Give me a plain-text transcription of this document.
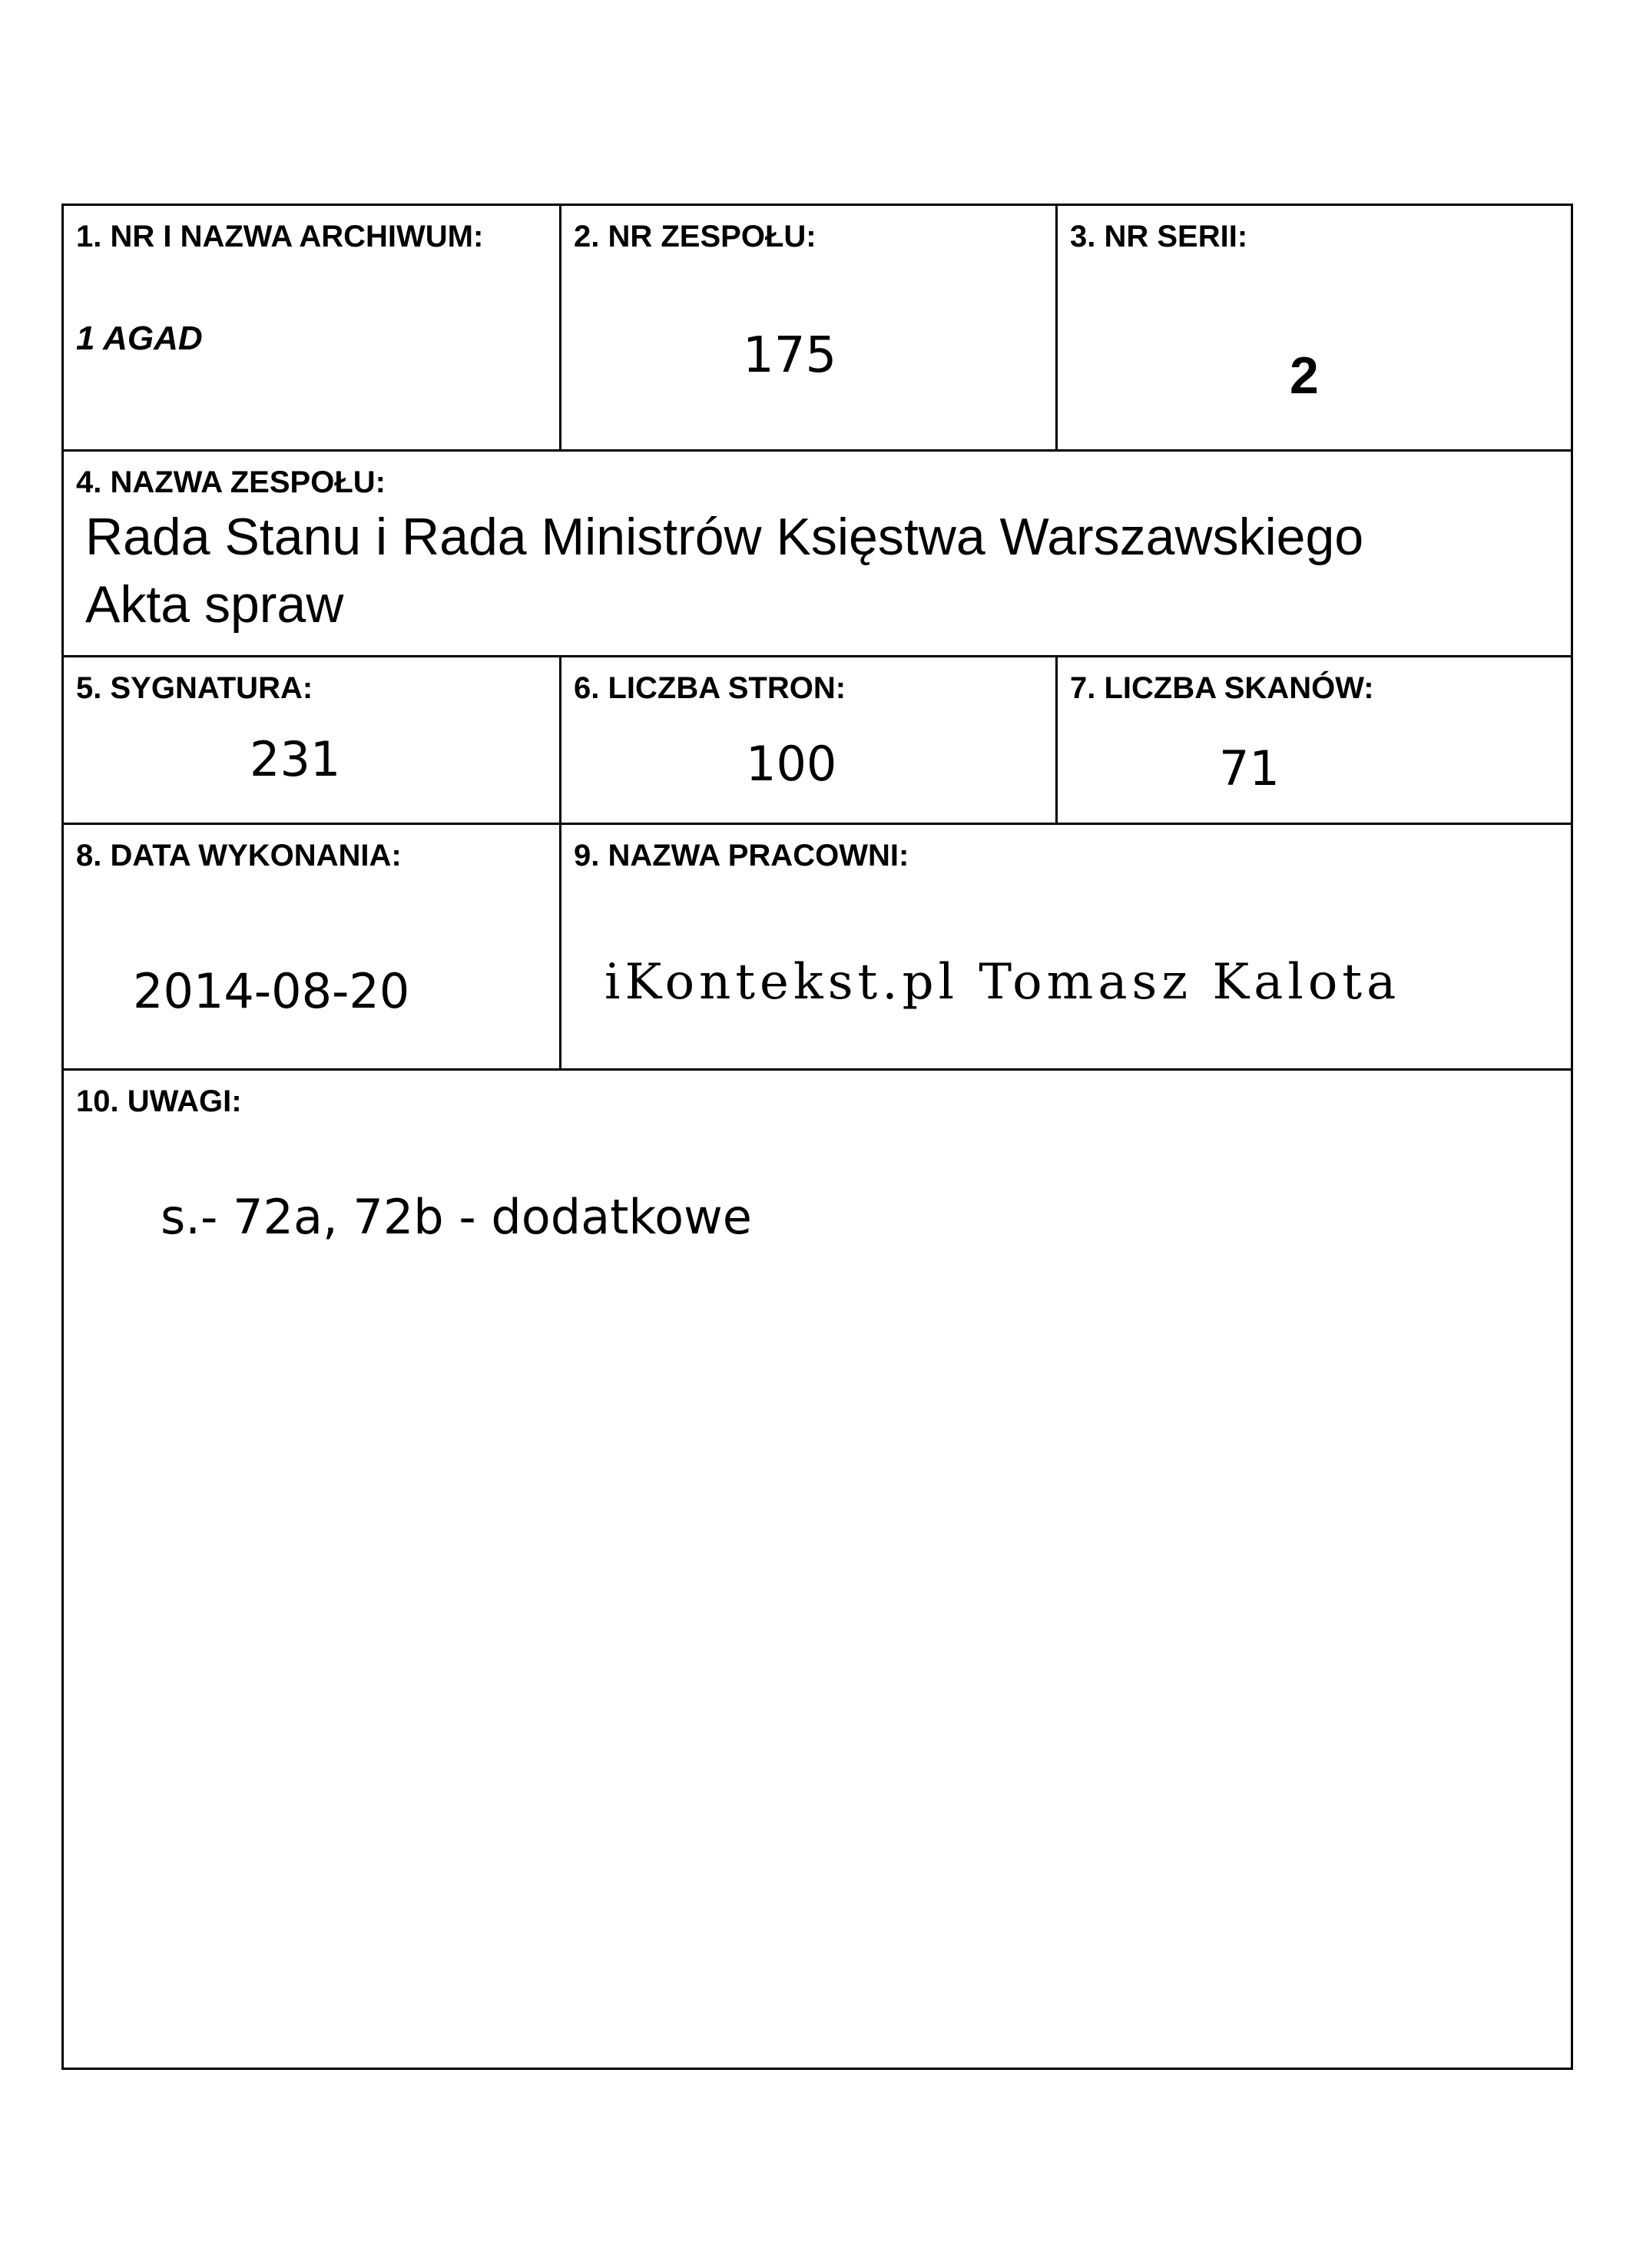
1. NR I NAZWA ARCHIWUM:
1 AGAD
2. NR ZESPOŁU:
175
3. NR SERII:
2
4. NAZWA ZESPOŁU:
Rada Stanu i Rada Ministrów Księstwa Warszawskiego
Akta spraw
5. SYGNATURA:
231
6. LICZBA STRON:
100
7. LICZBA SKANÓW:
71
8. DATA WYKONANIA:
2014-08-20
9. NAZWA PRACOWNI:
iKontekst.pl Tomasz Kalota
10. UWAGI:
s.- 72a, 72b - dodatkowe
